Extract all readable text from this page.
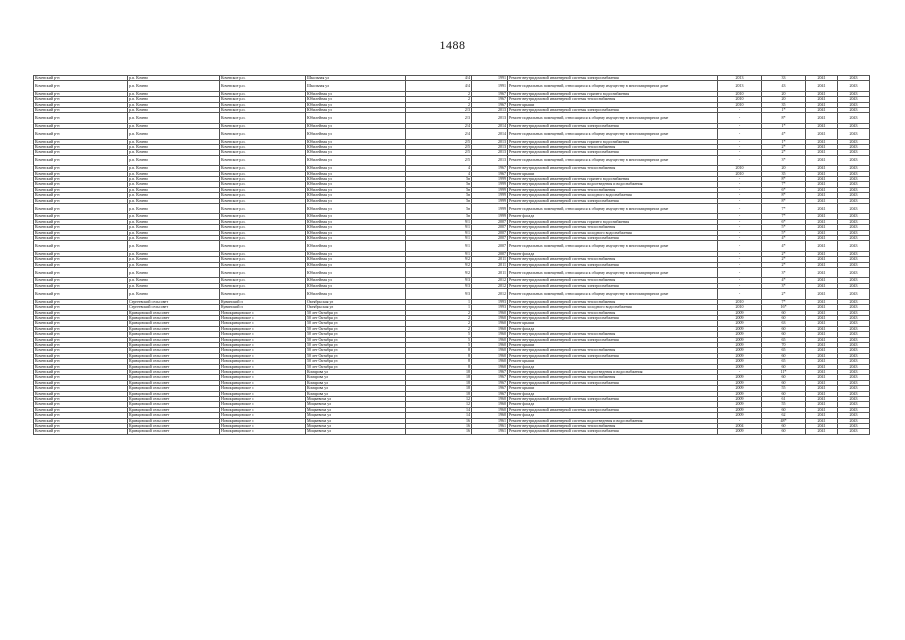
1488
Кочевский р-н	р.п. Кочево	Кочевское р.п.	Школьная ул	4/4	1991	Ремонт внутридомовой инженерной системы электроснабжения	2013	33	2041	2043
Кочевский р-н	р.п. Кочево	Кочевское р.п.	Школьная ул	4/4	1991	Ремонт подвальных помещений, относящихся к общему имуществу в многоквартирном доме	2013	43	2041	2043
Кочевский р-н	р.п. Кочево	Кочевское р.п.	Юбилейная ул	2	1967	Ремонт внутридомовой инженерной системы горячего водоснабжения	2010	20	2041	2043
Кочевский р-н	р.п. Кочево	Кочевское р.п.	Юбилейная ул	2	1967	Ремонт внутридомовой инженерной системы теплоснабжения	2010	20	2041	2043
Кочевский р-н	р.п. Кочево	Кочевское р.п.	Юбилейная ул	2	1967	Ремонт крыши	2010	35	2041	2043
Кочевский р-н	р.п. Кочево	Кочевское р.п.	Юбилейная ул	2/3	2013	Ремонт внутридомовой инженерной системы электроснабжения	-	1*	2041	2043
Кочевский р-н	р.п. Кочево	Кочевское р.п.	Юбилейная ул	2/3	2013	Ремонт подвальных помещений, относящихся к общему имуществу в многоквартирном доме	-	8*	2041	2043
Кочевский р-н	р.п. Кочево	Кочевское р.п.	Юбилейная ул	2/4	2014	Ремонт внутридомовой инженерной системы электроснабжения	-	1*	2041	2043
Кочевский р-н	р.п. Кочево	Кочевское р.п.	Юбилейная ул	2/4	2014	Ремонт подвальных помещений, относящихся к общему имуществу в многоквартирном доме	-	4*	2041	2043
Кочевский р-н	р.п. Кочево	Кочевское р.п.	Юбилейная ул	2/5	2013	Ремонт внутридомовой инженерной системы горячего водоснабжения	-	1*	2041	2043
Кочевский р-н	р.п. Кочево	Кочевское р.п.	Юбилейная ул	2/5	2013	Ремонт внутридомовой инженерной системы теплоснабжения	-	2*	2041	2043
Кочевский р-н	р.п. Кочево	Кочевское р.п.	Юбилейная ул	2/5	2013	Ремонт внутридомовой инженерной системы электроснабжения	-	2*	2041	2043
Кочевский р-н	р.п. Кочево	Кочевское р.п.	Юбилейная ул	2/5	2013	Ремонт подвальных помещений, относящихся к общему имуществу в многоквартирном доме	-	3*	2041	2043
Кочевский р-н	р.п. Кочево	Кочевское р.п.	Юбилейная ул	4	1967	Ремонт внутридомовой инженерной системы теплоснабжения	2010	20	2041	2043
Кочевский р-н	р.п. Кочево	Кочевское р.п.	Юбилейная ул	4	1967	Ремонт крыши	2010	35	2041	2043
Кочевский р-н	р.п. Кочево	Кочевское р.п.	Юбилейная ул	5в	1999	Ремонт внутридомовой инженерной системы горячего водоснабжения	-	8*	2041	2043
Кочевский р-н	р.п. Кочево	Кочевское р.п.	Юбилейная ул	5в	1999	Ремонт внутридомовой инженерной системы водоотведения и водоснабжения	-	7*	2041	2043
Кочевский р-н	р.п. Кочево	Кочевское р.п.	Юбилейная ул	5в	1999	Ремонт внутридомовой инженерной системы теплоснабжения	-	6*	2041	2043
Кочевский р-н	р.п. Кочево	Кочевское р.п.	Юбилейная ул	5в	1999	Ремонт внутридомовой инженерной системы холодного водоснабжения	-	8*	2041	2043
Кочевский р-н	р.п. Кочево	Кочевское р.п.	Юбилейная ул	5в	1999	Ремонт внутридомовой инженерной системы электроснабжения	-	8*	2041	2043
Кочевский р-н	р.п. Кочево	Кочевское р.п.	Юбилейная ул	5в	1999	Ремонт подвальных помещений, относящихся к общему имуществу в многоквартирном доме	-	7*	2041	2043
Кочевский р-н	р.п. Кочево	Кочевское р.п.	Юбилейная ул	5в	1999	Ремонт фасада	-	7*	2041	2043
Кочевский р-н	р.п. Кочево	Кочевское р.п.	Юбилейная ул	9/1	2007	Ремонт внутридомовой инженерной системы горячего водоснабжения	-	6*	2041	2043
Кочевский р-н	р.п. Кочево	Кочевское р.п.	Юбилейная ул	9/1	2007	Ремонт внутридомовой инженерной системы теплоснабжения	-	5*	2041	2043
Кочевский р-н	р.п. Кочево	Кочевское р.п.	Юбилейная ул	9/1	2007	Ремонт внутридомовой инженерной системы холодного водоснабжения	-	5*	2041	2043
Кочевский р-н	р.п. Кочево	Кочевское р.п.	Юбилейная ул	9/1	2007	Ремонт внутридомовой инженерной системы электроснабжения	-	4*	2041	2043
Кочевский р-н	р.п. Кочево	Кочевское р.п.	Юбилейная ул	9/1	2007	Ремонт подвальных помещений, относящихся к общему имуществу в многоквартирном доме	-	4*	2041	2043
Кочевский р-н	р.п. Кочево	Кочевское р.п.	Юбилейная ул	9/1	2007	Ремонт фасада	-	2*	2041	2043
Кочевский р-н	р.п. Кочево	Кочевское р.п.	Юбилейная ул	9/2	2011	Ремонт внутридомовой инженерной системы теплоснабжения	-	2*	2041	2043
Кочевский р-н	р.п. Кочево	Кочевское р.п.	Юбилейная ул	9/2	2011	Ремонт внутридомовой инженерной системы электроснабжения	-	2*	2041	2043
Кочевский р-н	р.п. Кочево	Кочевское р.п.	Юбилейная ул	9/2	2011	Ремонт подвальных помещений, относящихся к общему имуществу в многоквартирном доме	-	3*	2041	2043
Кочевский р-н	р.п. Кочево	Кочевское р.п.	Юбилейная ул	9/3	2012	Ремонт внутридомовой инженерной системы теплоснабжения	-	4*	2041	2043
Кочевский р-н	р.п. Кочево	Кочевское р.п.	Юбилейная ул	9/3	2012	Ремонт внутридомовой инженерной системы электроснабжения	-	3*	2041	2043
Кочевский р-н	р.п. Кочево	Кочевское р.п.	Юбилейная ул	9/3	2012	Ремонт подвальных помещений, относящихся к общему имуществу в многоквартирном доме	-	2*	2041	2043
Кочевский р-н	Сергеевский сельсовет	Кувинский п	Октябрьская ул	1	1993	Ремонт внутридомовой инженерной системы теплоснабжения	2010	7*	2041	2043
Кочевский р-н	Сергеевский сельсовет	Кувинский п	Октябрьская ул	1	1993	Ремонт внутридомовой инженерной системы холодного водоснабжения	2010	16*	2041	2043
Кочевский р-н	Кривцовский сельсовет	Новокривцовское с	50 лет Октября ул	2	1960	Ремонт внутридомовой инженерной системы теплоснабжения	2009	60	2041	2043
Кочевский р-н	Кривцовский сельсовет	Новокривцовское с	50 лет Октября ул	2	1960	Ремонт внутридомовой инженерной системы электроснабжения	2009	60	2041	2043
Кочевский р-н	Кривцовский сельсовет	Новокривцовское с	50 лет Октября ул	2	1960	Ремонт крыши	2009	63	2041	2043
Кочевский р-н	Кривцовский сельсовет	Новокривцовское с	50 лет Октября ул	2	1960	Ремонт фасада	2009	60	2041	2043
Кочевский р-н	Кривцовский сельсовет	Новокривцовское с	50 лет Октября ул	5	1960	Ремонт внутридомовой инженерной системы теплоснабжения	2009	60	2041	2043
Кочевский р-н	Кривцовский сельсовет	Новокривцовское с	50 лет Октября ул	5	1960	Ремонт внутридомовой инженерной системы электроснабжения	2009	65	2041	2043
Кочевский р-н	Кривцовский сельсовет	Новокривцовское с	50 лет Октября ул	5	1960	Ремонт крыши	2009	70	2041	2043
Кочевский р-н	Кривцовский сельсовет	Новокривцовское с	50 лет Октября ул	8	1960	Ремонт внутридомовой инженерной системы теплоснабжения	2009	65	2041	2043
Кочевский р-н	Кривцовский сельсовет	Новокривцовское с	50 лет Октября ул	8	1960	Ремонт внутридомовой инженерной системы электроснабжения	2009	60	2041	2043
Кочевский р-н	Кривцовский сельсовет	Новокривцовское с	50 лет Октября ул	8	1960	Ремонт крыши	2009	65	2041	2043
Кочевский р-н	Кривцовский сельсовет	Новокривцовское с	50 лет Октября ул	8	1960	Ремонт фасада	2009	60	2041	2043
Кочевский р-н	Кривцовский сельсовет	Новокривцовское с	Комарова ул	18	1967	Ремонт внутридомовой инженерной системы водоотведения и водоснабжения	-	11*	2041	2043
Кочевский р-н	Кривцовский сельсовет	Новокривцовское с	Комарова ул	18	1967	Ремонт внутридомовой инженерной системы теплоснабжения	2009	60	2041	2043
Кочевский р-н	Кривцовский сельсовет	Новокривцовское с	Комарова ул	18	1967	Ремонт внутридомовой инженерной системы электроснабжения	2009	60	2041	2043
Кочевский р-н	Кривцовский сельсовет	Новокривцовское с	Комарова ул	18	1967	Ремонт крыши	2009	55	2041	2043
Кочевский р-н	Кривцовский сельсовет	Новокривцовское с	Комарова ул	18	1967	Ремонт фасада	2009	60	2041	2043
Кочевский р-н	Кривцовский сельсовет	Новокривцовское с	Мицкевича ул	12	1960	Ремонт внутридомовой инженерной системы электроснабжения	2009	61	2041	2043
Кочевский р-н	Кривцовский сельсовет	Новокривцовское с	Мицкевича ул	12	1960	Ремонт фасада	2009	55	2041	2043
Кочевский р-н	Кривцовский сельсовет	Новокривцовское с	Мицкевича ул	14	1960	Ремонт внутридомовой инженерной системы электроснабжения	2009	60	2041	2043
Кочевский р-н	Кривцовский сельсовет	Новокривцовское с	Мицкевича ул	14	1960	Ремонт фасада	2009	62	2041	2043
Кочевский р-н	Кривцовский сельсовет	Новокривцовское с	Мицкевича ул	16	1961	Ремонт внутридомовой инженерной системы водоотведения и водоснабжения	-	48*	2041	2043
Кочевский р-н	Кривцовский сельсовет	Новокривцовское с	Мицкевича ул	16	1961	Ремонт внутридомовой инженерной системы теплоснабжения	2004	60	2041	2043
Кочевский р-н	Кривцовский сельсовет	Новокривцовское с	Мицкевича ул	16	1961	Ремонт внутридомовой инженерной системы электроснабжения	2009	60	2041	2043
